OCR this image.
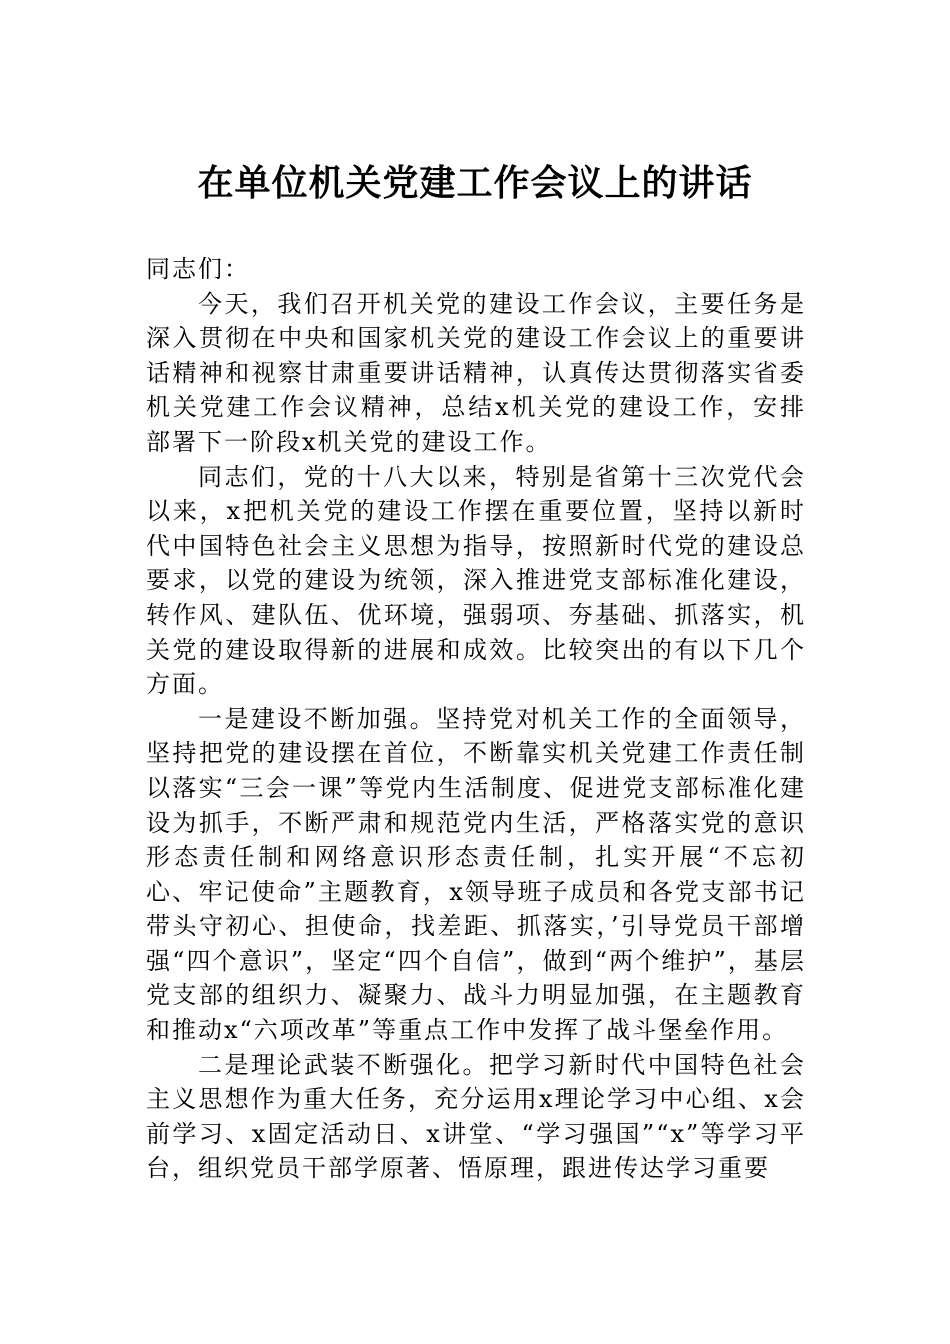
在单位机关党建工作会议上的讲话

同志们：

今天，我们召开机关党的建设工作会议，主要任务是深入贯彻在中央和国家机关党的建设工作会议上的重要讲话精神和视察甘肃重要讲话精神，认真传达贯彻落实省委机关党建工作会议精神，总结x机关党的建设工作，安排部署下一阶段x机关党的建设工作。

同志们，党的十八大以来，特别是省第十三次党代会以来，x把机关党的建设工作摆在重要位置，坚持以新时代中国特色社会主义思想为指导，按照新时代党的建设总要求，以党的建设为统领，深入推进党支部标准化建设，转作风、建队伍、优环境，强弱项、夯基础、抓落实，机关党的建设取得新的进展和成效。比较突出的有以下几个方面。

一是建设不断加强。坚持党对机关工作的全面领导，坚持把党的建设摆在首位，不断靠实机关党建工作责任制以落实“三会一课”等党内生活制度、促进党支部标准化建设为抓手，不断严肃和规范党内生活，严格落实党的意识形态责任制和网络意识形态责任制，扎实开展“不忘初心、牢记使命”主题教育，x领导班子成员和各党支部书记带头守初心、担使命，找差距、抓落实，’引导党员干部增强“四个意识”，坚定“四个自信”，做到“两个维护”，基层党支部的组织力、凝聚力、战斗力明显加强，在主题教育和推动x“六项改革”等重点工作中发挥了战斗堡垒作用。

二是理论武装不断强化。把学习新时代中国特色社会主义思想作为重大任务，充分运用x理论学习中心组、x会前学习、x固定活动日、x讲堂、“学习强国”“x”等学习平台，组织党员干部学原著、悟原理，跟进传达学习重要
